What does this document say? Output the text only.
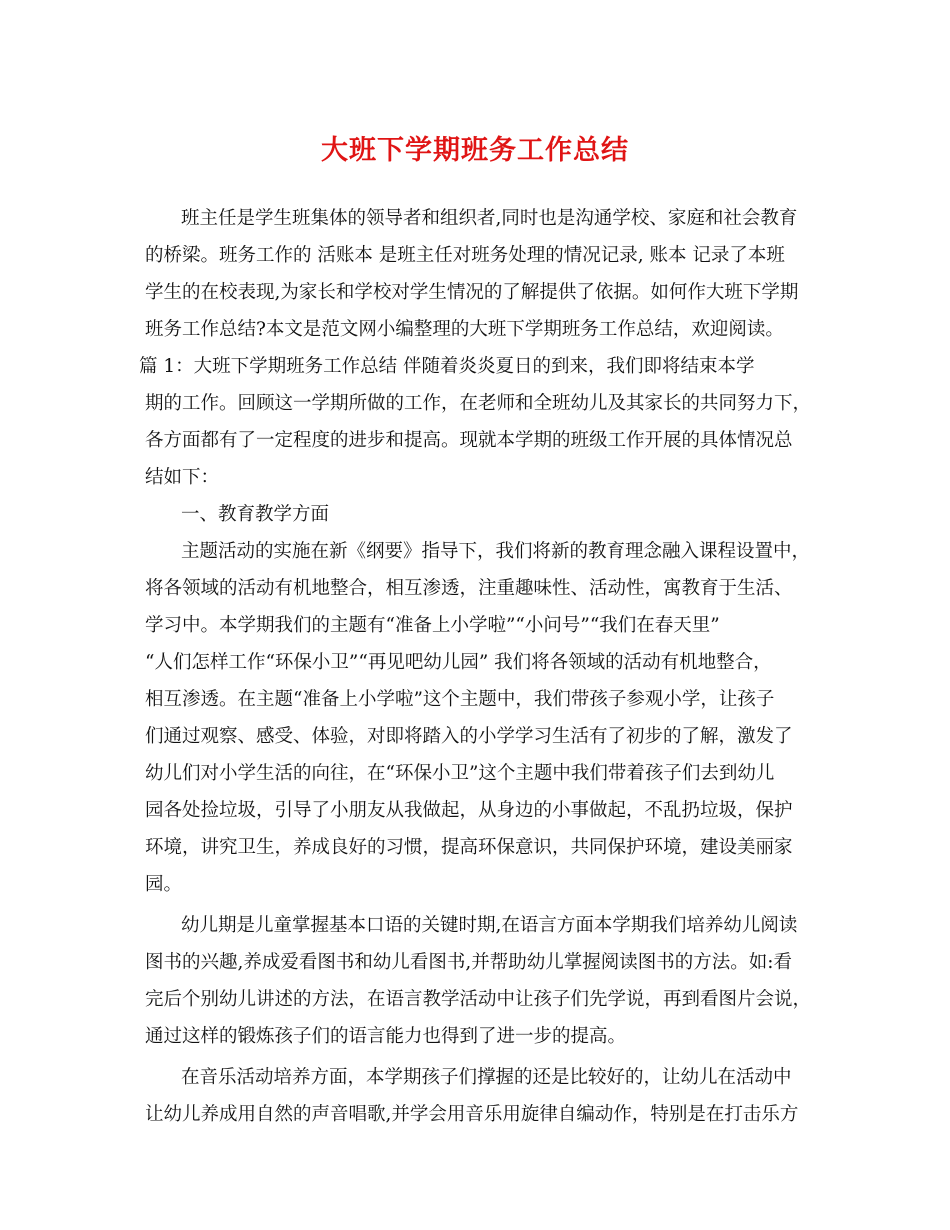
大班下学期班务工作总结
班主任是学生班集体的领导者和组织者,同时也是沟通学校、家庭和社会教育
的桥梁。班务工作的 活账本 是班主任对班务处理的情况记录, 账本 记录了本班
学生的在校表现,为家长和学校对学生情况的了解提供了依据。如何作大班下学期
班务工作总结?本文是范文网小编整理的大班下学期班务工作总结，欢迎阅读。
篇 1：大班下学期班务工作总结 伴随着炎炎夏日的到来，我们即将结束本学
期的工作。回顾这一学期所做的工作，在老师和全班幼儿及其家长的共同努力下，
各方面都有了一定程度的进步和提高。现就本学期的班级工作开展的具体情况总
结如下：
一、教育教学方面
主题活动的实施在新《纲要》指导下，我们将新的教育理念融入课程设置中，
将各领域的活动有机地整合，相互渗透，注重趣味性、活动性，寓教育于生活、
学习中。本学期我们的主题有“准备上小学啦”“小问号”“我们在春天里”
“人们怎样工作“环保小卫”“再见吧幼儿园” 我们将各领域的活动有机地整合，
相互渗透。在主题“准备上小学啦”这个主题中，我们带孩子参观小学，让孩子
们通过观察、感受、体验，对即将踏入的小学学习生活有了初步的了解，激发了
幼儿们对小学生活的向往，在“环保小卫”这个主题中我们带着孩子们去到幼儿
园各处捡垃圾，引导了小朋友从我做起，从身边的小事做起，不乱扔垃圾，保护
环境，讲究卫生，养成良好的习惯，提高环保意识，共同保护环境，建设美丽家
园。
幼儿期是儿童掌握基本口语的关键时期,在语言方面本学期我们培养幼儿阅读
图书的兴趣,养成爱看图书和幼儿看图书,并帮助幼儿掌握阅读图书的方法。如:看
完后个别幼儿讲述的方法，在语言教学活动中让孩子们先学说，再到看图片会说，
通过这样的锻炼孩子们的语言能力也得到了进一步的提高。
在音乐活动培养方面，本学期孩子们撑握的还是比较好的，让幼儿在活动中
让幼儿养成用自然的声音唱歌,并学会用音乐用旋律自编动作，特别是在打击乐方
